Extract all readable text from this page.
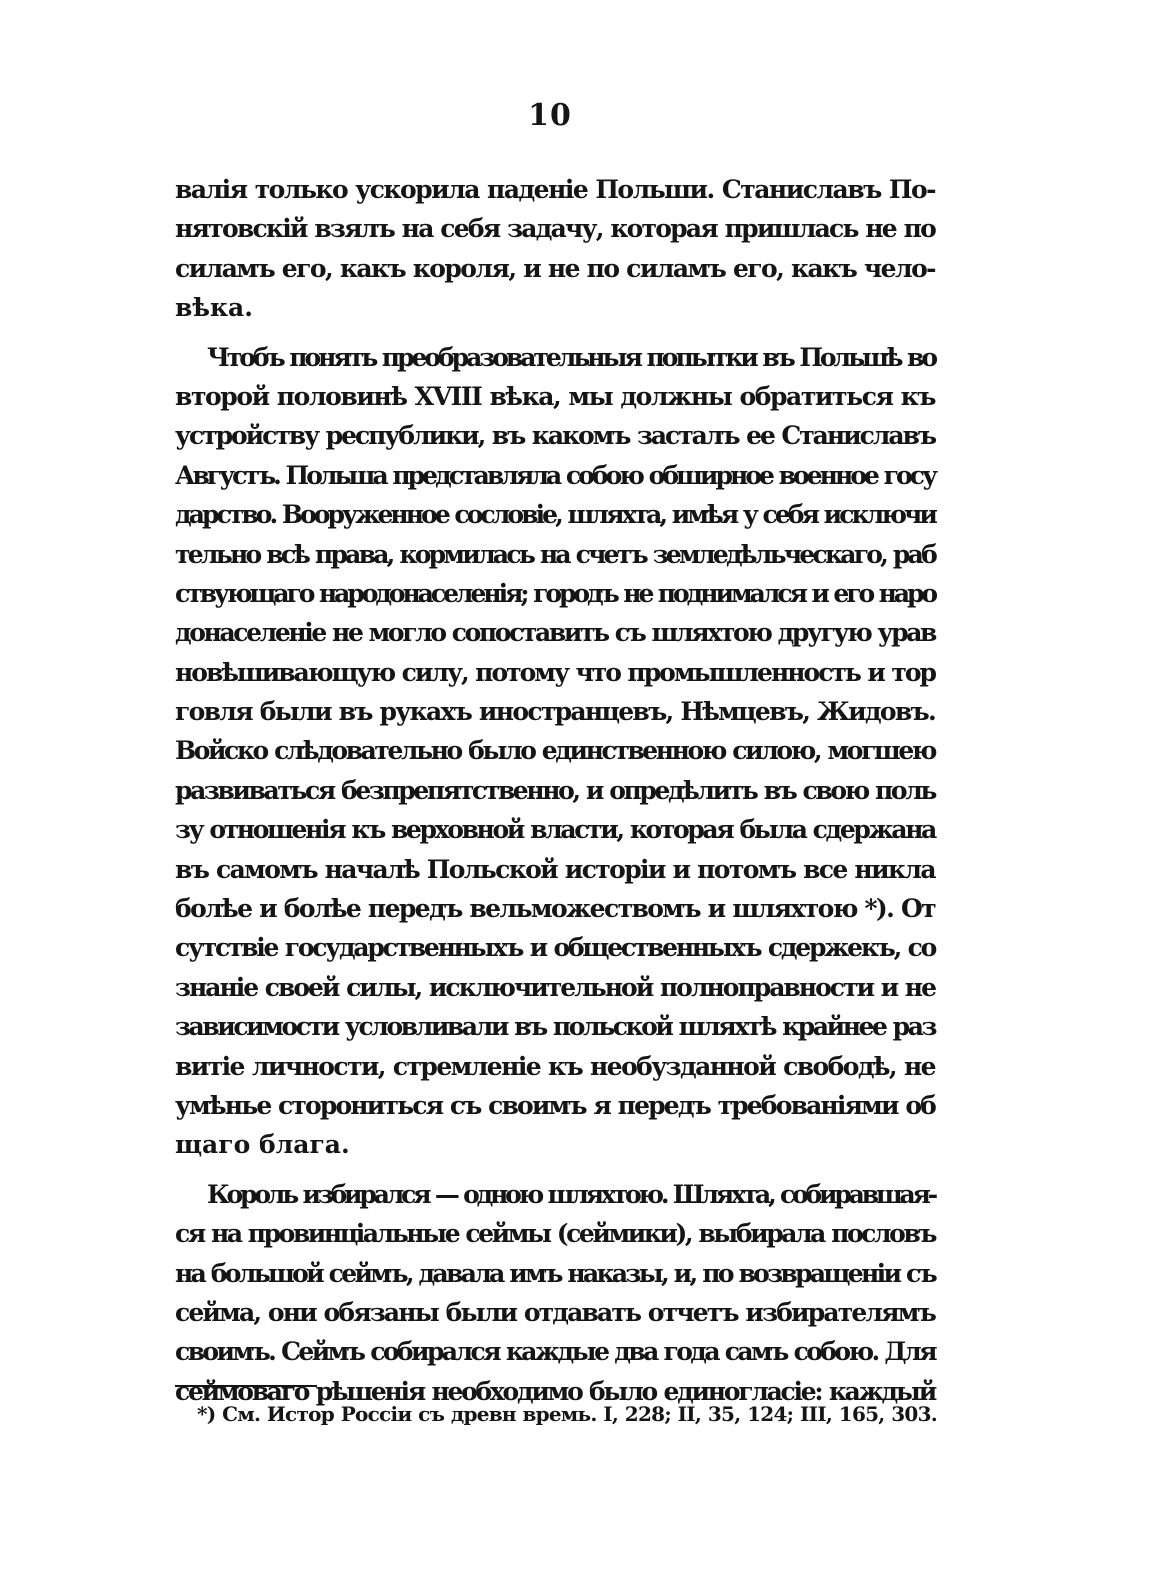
10
валія только ускорила паденіе Польши. Станиславъ По-
нятовскій взялъ на себя задачу, которая пришлась не по
силамъ его, какъ короля, и не по силамъ его, какъ чело-
вѣка.
Чтобъ понять преобразовательныя попытки въ Польшѣ во
второй половинѣ XVIII вѣка, мы должны обратиться къ
устройству республики, въ какомъ засталъ ее Станиславъ
Августъ. Польша представляла собою обширное военное госу
дарство. Вооруженное сословіе, шляхта, имѣя у себя исключи
тельно всѣ права, кормилась на счетъ земледѣльческаго, раб
ствующаго народонаселенія; городъ не поднимался и его наро
донаселеніе не могло сопоставить съ шляхтою другую урав
новѣшивающую силу, потому что промышленность и тор
говля были въ рукахъ иностранцевъ, Нѣмцевъ, Жидовъ.
Войско слѣдовательно было единственною силою, могшею
развиваться безпрепятственно, и опредѣлить въ свою поль
зу отношенія къ верховной власти, которая была сдержана
въ самомъ началѣ Польской исторіи и потомъ все никла
болѣе и болѣе передъ вельможествомъ и шляхтою *). От
сутствіе государственныхъ и общественныхъ сдержекъ, со
знаніе своей силы, исключительной полноправности и не
зависимости условливали въ польской шляхтѣ крайнее раз
витіе личности, стремленіе къ необузданной свободѣ, не
умѣнье сторониться съ своимъ я передъ требованіями об
щаго блага.
Король избирался — одною шляхтою. Шляхта, собиравшая-
ся на провинціальные сеймы (сеймики), выбирала пословъ
на большой сеймъ, давала имъ наказы, и, по возвращеніи съ
сейма, они обязаны были отдавать отчетъ избирателямъ
своимъ. Сеймъ собирался каждые два года самъ собою. Для
сеймоваго рѣшенія необходимо было единогласіе: каждый
*) См. Истор Россіи съ древн времь. I, 228; II, 35, 124; III, 165, 303.
